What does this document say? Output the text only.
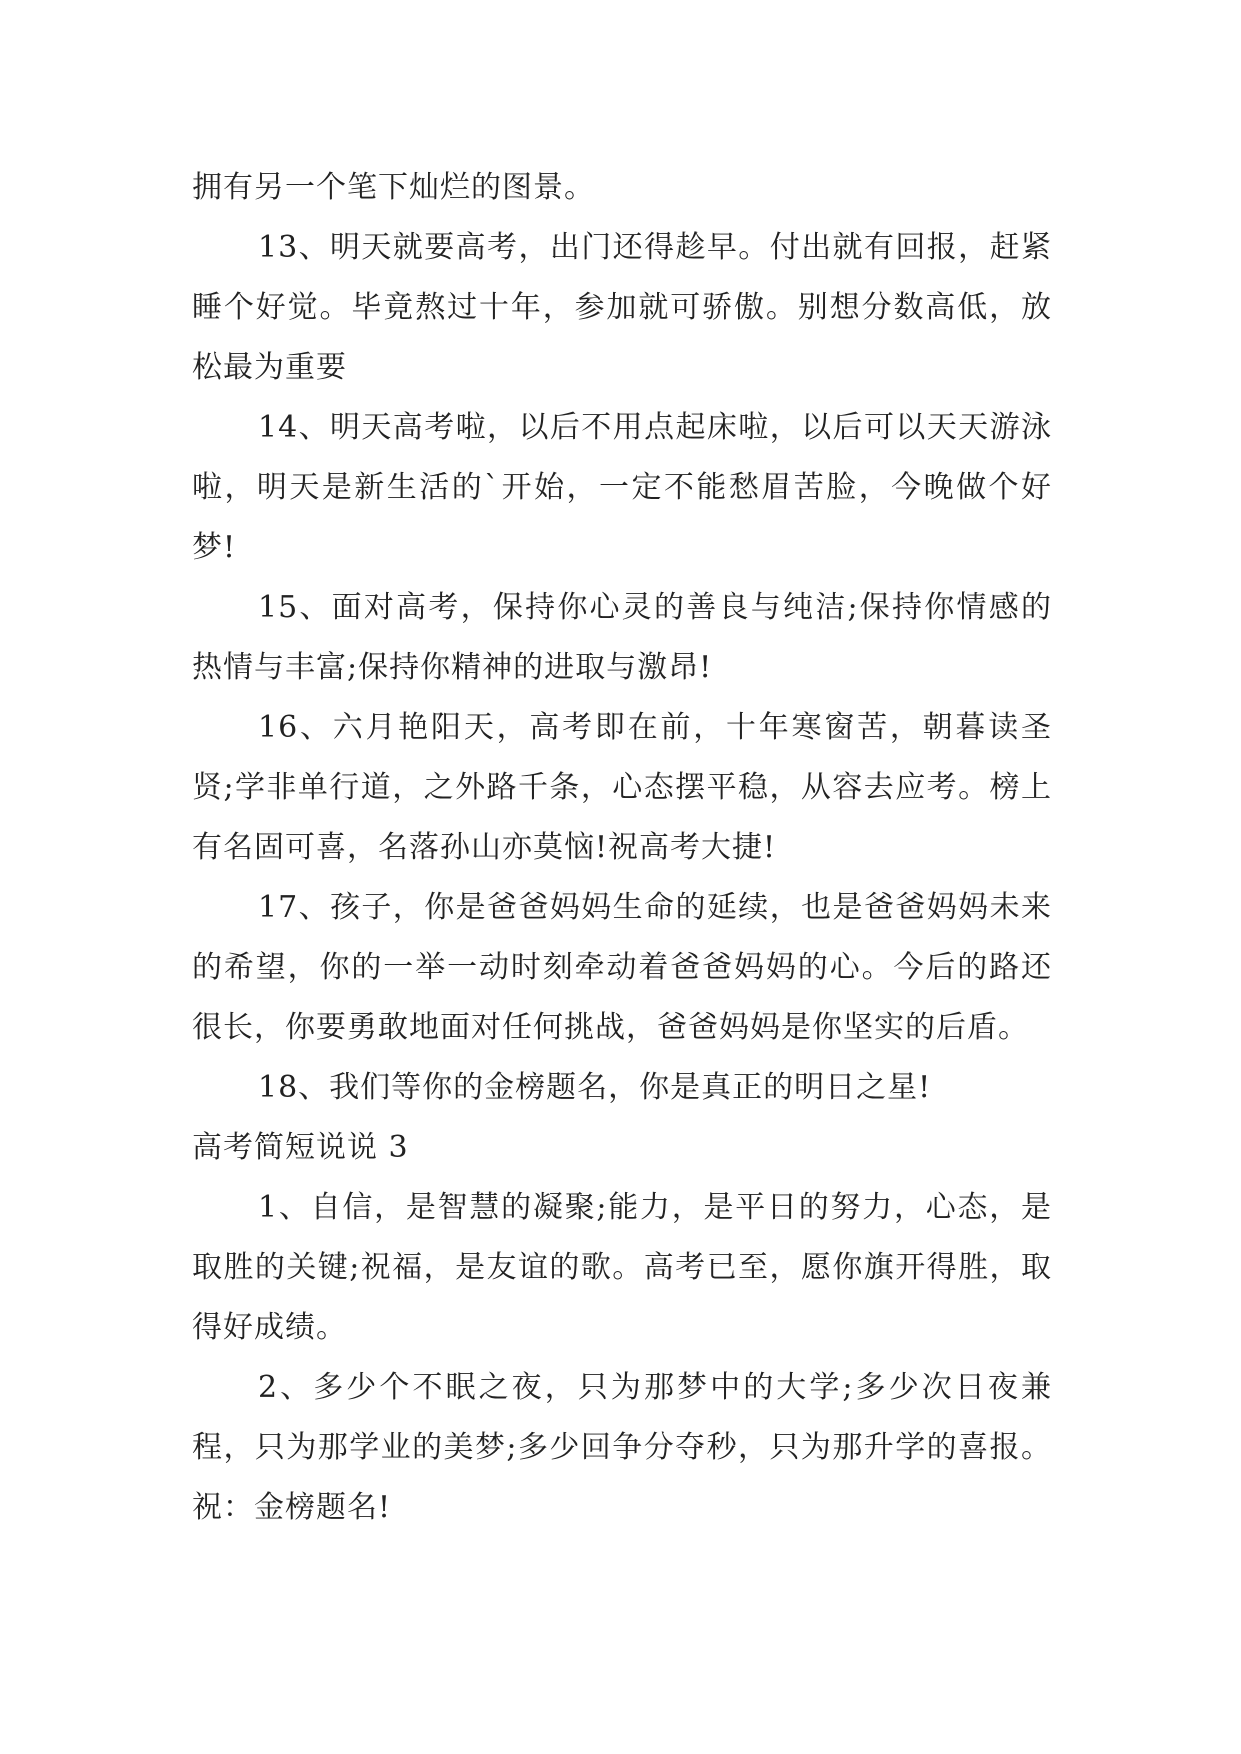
拥有另一个笔下灿烂的图景。

13、明天就要高考，出门还得趁早。付出就有回报，赶紧睡个好觉。毕竟熬过十年，参加就可骄傲。别想分数高低，放松最为重要

14、明天高考啦，以后不用点起床啦，以后可以天天游泳啦，明天是新生活的`开始，一定不能愁眉苦脸，今晚做个好梦!

15、面对高考，保持你心灵的善良与纯洁;保持你情感的热情与丰富;保持你精神的进取与激昂!

16、六月艳阳天，高考即在前，十年寒窗苦，朝暮读圣贤;学非单行道，之外路千条，心态摆平稳，从容去应考。榜上有名固可喜，名落孙山亦莫恼!祝高考大捷!

17、孩子，你是爸爸妈妈生命的延续，也是爸爸妈妈未来的希望，你的一举一动时刻牵动着爸爸妈妈的心。今后的路还很长，你要勇敢地面对任何挑战，爸爸妈妈是你坚实的后盾。

18、我们等你的金榜题名，你是真正的明日之星!

高考简短说说 3

1、自信，是智慧的凝聚;能力，是平日的努力，心态，是取胜的关键;祝福，是友谊的歌。高考已至，愿你旗开得胜，取得好成绩。

2、多少个不眠之夜，只为那梦中的大学;多少次日夜兼程，只为那学业的美梦;多少回争分夺秒，只为那升学的喜报。祝：金榜题名!
